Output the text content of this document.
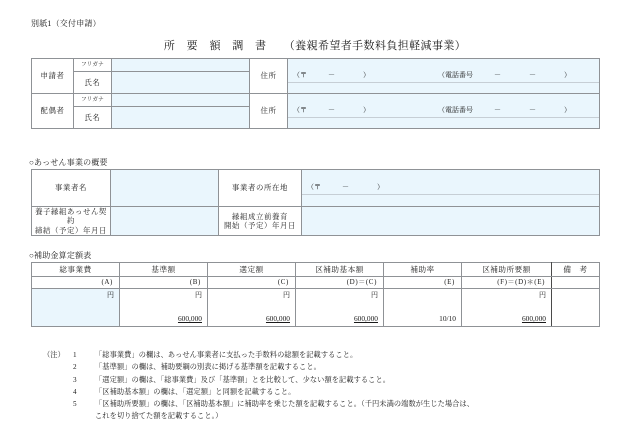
別紙1（交付申請）
所　要　額　調　書　　（養親希望者手数料負担軽減事業）
申請者	フリガナ		住所	（〒　　　－　　　　） （電話番号　　　－　　　　－　　　　）

	氏名			
配偶者	フリガナ		住所	（〒　　　－　　　　） （電話番号　　　－　　　　－　　　　）

	氏名			
○あっせん事業の概要
事業者名		事業者の所在地	（〒　　　－　　　　）

養子縁組あっせん契約
締結（予定）年月日		縁組成立前養育
開始（予定）年月日	
○補助金算定額表
総事業費	基準額	選定額	区補助基本額	補助率	区補助所要額	備　考
(A)	(B)	(C)	(D)＝(C)	(E)	(F)＝(D)＊(E)	
円	円	円	円		円	
	600,000	600,000	600,000	10/10	600,000	
（注）	1	「総事業費」の欄は、あっせん事業者に支払った手数料の総額を記載すること。
2	「基準額」の欄は、補助要綱の別表に掲げる基準額を記載すること。
3	「選定額」の欄は、「総事業費」及び「基準額」とを比較して、少ない額を記載すること。
4	「区補助基本額」の欄は、「選定額」と同額を記載すること。
5	「区補助所要額」の欄は、「区補助基本額」に補助率を乗じた額を記載すること。（千円未満の端数が生じた場合は、
これを切り捨てた額を記載すること。）
